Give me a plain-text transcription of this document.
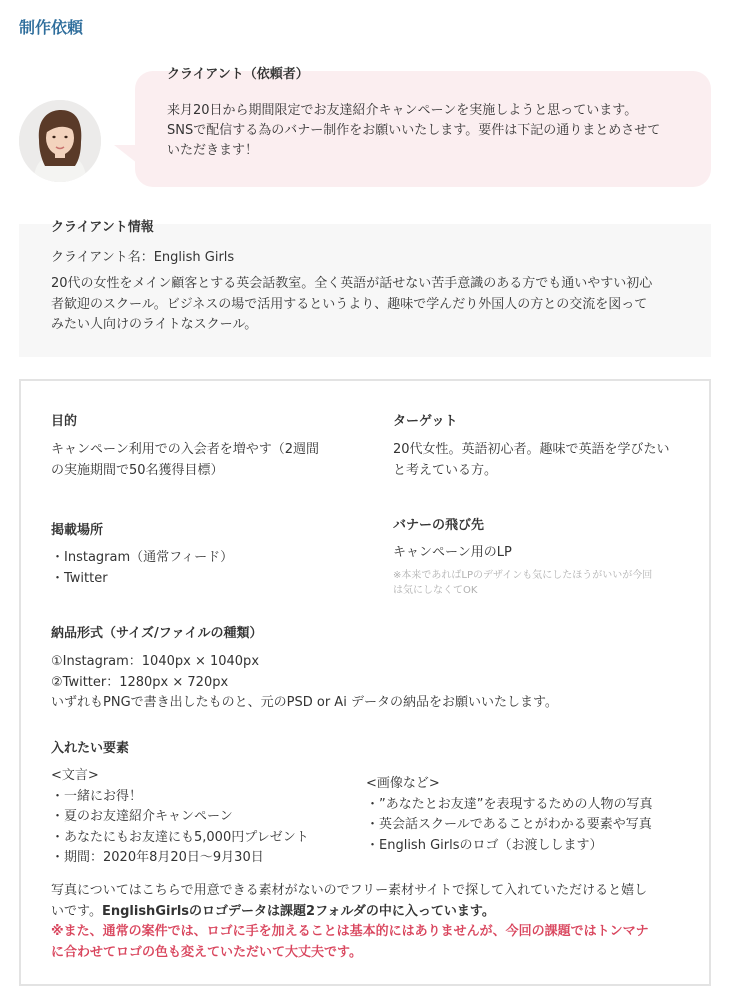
制作依頼
クライアント（依頼者）
来月20日から期間限定でお友達紹介キャンペーンを実施しようと思っています。
SNSで配信する為のバナー制作をお願いいたします。要件は下記の通りまとめさせて
いただきます！
クライアント情報
クライアント名：English Girls
20代の女性をメイン顧客とする英会話教室。全く英語が話せない苦手意識のある方でも通いやすい初心
者歓迎のスクール。ビジネスの場で活用するというより、趣味で学んだり外国人の方との交流を図って
みたい人向けのライトなスクール。
目的
キャンペーン利用での入会者を増やす（2週間
の実施期間で50名獲得目標）
ターゲット
20代女性。英語初心者。趣味で英語を学びたい
と考えている方。
掲載場所
・Instagram（通常フィード）
・Twitter
バナーの飛び先
キャンペーン用のLP
※本来であればLPのデザインも気にしたほうがいいが今回
は気にしなくてOK
納品形式（サイズ/ファイルの種類）
①Instagram：1040px × 1040px
②Twitter：1280px × 720px
いずれもPNGで書き出したものと、元のPSD or Ai データの納品をお願いいたします。
入れたい要素
<文言>
・一緒にお得！
・夏のお友達紹介キャンペーン
・あなたにもお友達にも5,000円プレゼント
・期間：2020年8月20日～9月30日
<画像など>
・”あなたとお友達”を表現するための人物の写真
・英会話スクールであることがわかる要素や写真
・English Girlsのロゴ（お渡しします）
写真についてはこちらで用意できる素材がないのでフリー素材サイトで探して入れていただけると嬉し
いです。EnglishGirlsのロゴデータは課題2フォルダの中に入っています。
※また、通常の案件では、ロゴに手を加えることは基本的にはありませんが、今回の課題ではトンマナ
に合わせてロゴの色も変えていただいて大丈夫です。
